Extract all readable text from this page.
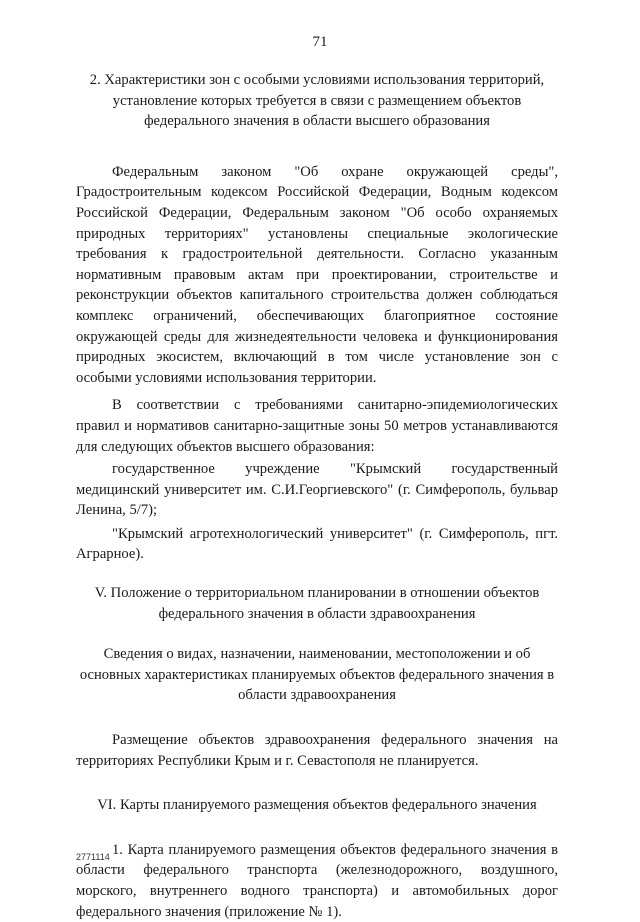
71

2. Характеристики зон с особыми условиями использования территорий, установление которых требуется в связи с размещением объектов федерального значения в области высшего образования

Федеральным законом "Об охране окружающей среды", Градостроительным кодексом Российской Федерации, Водным кодексом Российской Федерации, Федеральным законом "Об особо охраняемых природных территориях" установлены специальные экологические требования к градостроительной деятельности. Согласно указанным нормативным правовым актам при проектировании, строительстве и реконструкции объектов капитального строительства должен соблюдаться комплекс ограничений, обеспечивающих благоприятное состояние окружающей среды для жизнедеятельности человека и функционирования природных экосистем, включающий в том числе установление зон с особыми условиями использования территории.

В соответствии с требованиями санитарно-эпидемиологических правил и нормативов санитарно-защитные зоны 50 метров устанавливаются для следующих объектов высшего образования:

государственное учреждение "Крымский государственный медицинский университет им. С.И.Георгиевского" (г. Симферополь, бульвар Ленина, 5/7);

"Крымский агротехнологический университет" (г. Симферополь, пгт. Аграрное).

V. Положение о территориальном планировании в отношении объектов федерального значения в области здравоохранения

Сведения о видах, назначении, наименовании, местоположении и об основных характеристиках планируемых объектов федерального значения в области здравоохранения

Размещение объектов здравоохранения федерального значения на территориях Республики Крым и г. Севастополя не планируется.

VI. Карты планируемого размещения объектов федерального значения

1. Карта планируемого размещения объектов федерального значения в области федерального транспорта (железнодорожного, воздушного, морского, внутреннего водного транспорта) и автомобильных дорог федерального значения (приложение № 1).

2771114
